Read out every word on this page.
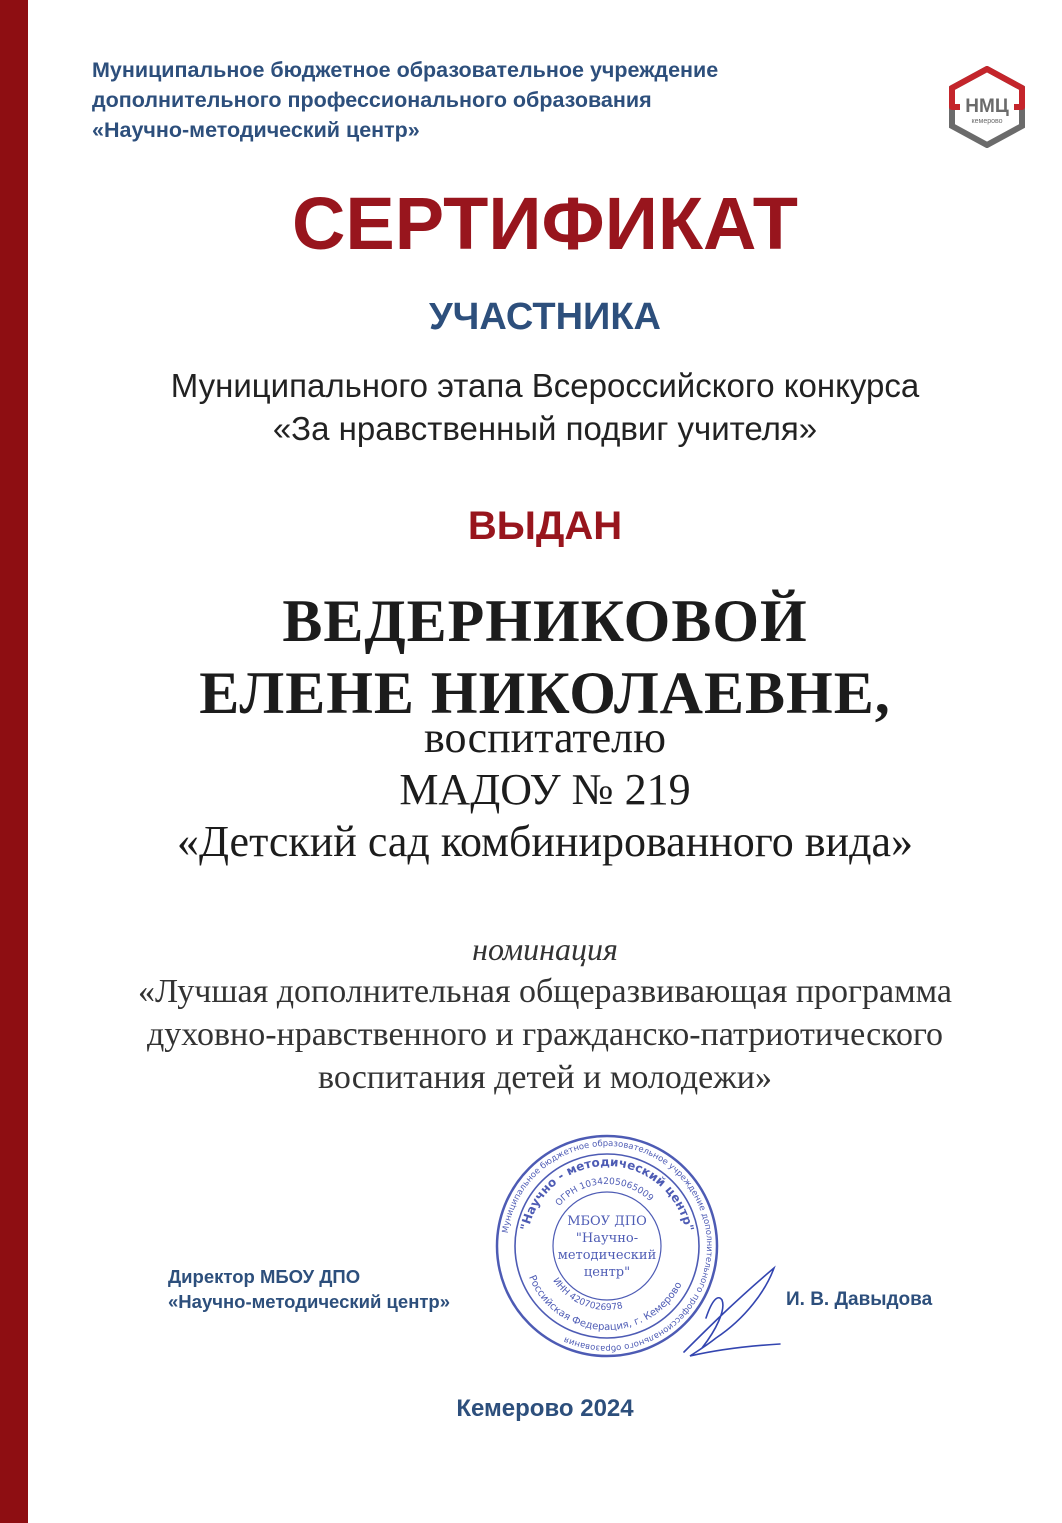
Муниципальное бюджетное образовательное учреждение
дополнительного профессионального образования
«Научно-методический центр»
НМЦ
кемерово
СЕРТИФИКАТ
УЧАСТНИКА
Муниципального этапа Всероссийского конкурса
«За нравственный подвиг учителя»
ВЫДАН
ВЕДЕРНИКОВОЙ
ЕЛЕНЕ НИКОЛАЕВНЕ,
воспитателю
МАДОУ № 219
«Детский сад комбинированного вида»
номинация
«Лучшая дополнительная общеразвивающая программа
духовно-нравственного и гражданско-патриотического
воспитания детей и молодежи»
Директор МБОУ ДПО
«Научно-методический центр»	И. В. Давыдова
Муниципальное бюджетное образовательное учреждение дополнительного профессионального образования
"Научно - методический центр"
ОГРН 1034205065009
Российская Федерация, г. Кемерово
ИНН 4207026978
МБОУ ДПО
"Научно-
методический
центр"
Кемерово 2024
